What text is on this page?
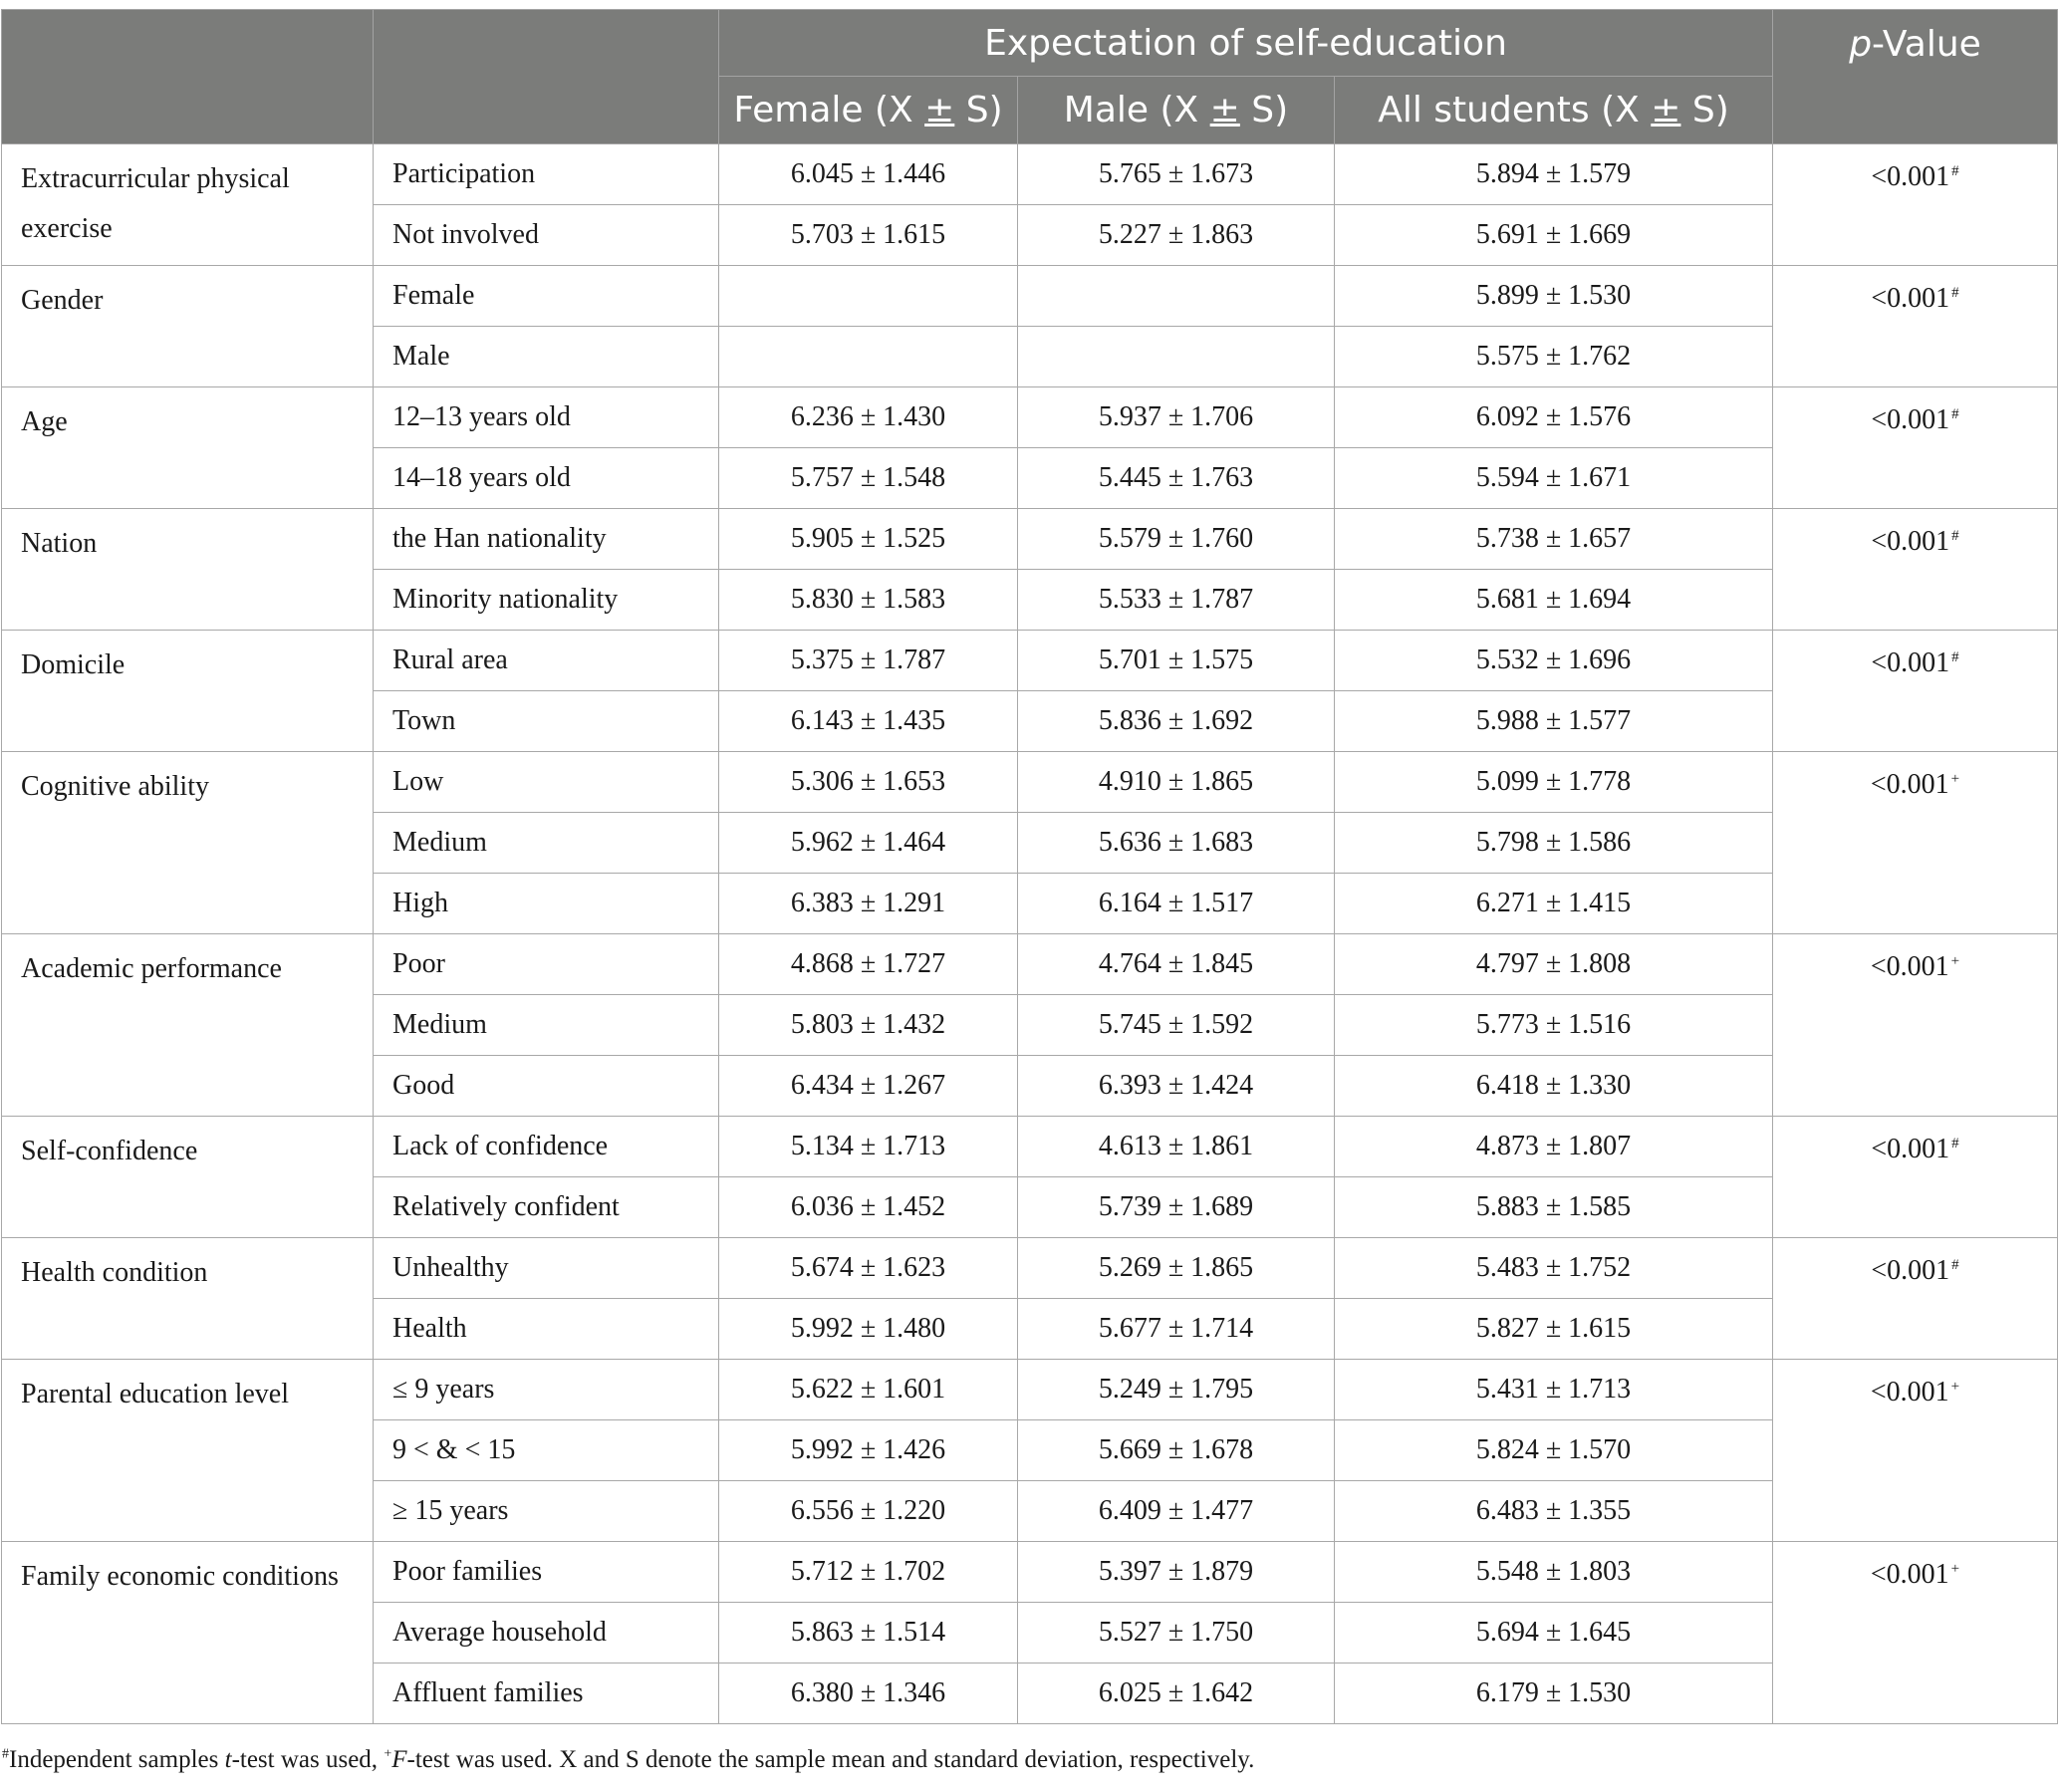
		Expectation of self-education			p-Value
		Female (X ± S)	Male (X ± S)	All students (X ± S)	
Extracurricular physical exercise	Participation	6.045 ± 1.446	5.765 ± 1.673	5.894 ± 1.579	<0.001 #
	Not involved	5.703 ± 1.615	5.227 ± 1.863	5.691 ± 1.669	
Gender	Female			5.899 ± 1.530	<0.001 #
	Male			5.575 ± 1.762	
Age	12–13 years old	6.236 ± 1.430	5.937 ± 1.706	6.092 ± 1.576	<0.001 #
	14–18 years old	5.757 ± 1.548	5.445 ± 1.763	5.594 ± 1.671	
Nation	the Han nationality	5.905 ± 1.525	5.579 ± 1.760	5.738 ± 1.657	<0.001 #
	Minority nationality	5.830 ± 1.583	5.533 ± 1.787	5.681 ± 1.694	
Domicile	Rural area	5.375 ± 1.787	5.701 ± 1.575	5.532 ± 1.696	<0.001 #
	Town	6.143 ± 1.435	5.836 ± 1.692	5.988 ± 1.577	
Cognitive ability	Low	5.306 ± 1.653	4.910 ± 1.865	5.099 ± 1.778	<0.001 +
	Medium	5.962 ± 1.464	5.636 ± 1.683	5.798 ± 1.586	
	High	6.383 ± 1.291	6.164 ± 1.517	6.271 ± 1.415	
Academic performance	Poor	4.868 ± 1.727	4.764 ± 1.845	4.797 ± 1.808	<0.001 +
	Medium	5.803 ± 1.432	5.745 ± 1.592	5.773 ± 1.516	
	Good	6.434 ± 1.267	6.393 ± 1.424	6.418 ± 1.330	
Self-confidence	Lack of confidence	5.134 ± 1.713	4.613 ± 1.861	4.873 ± 1.807	<0.001 #
	Relatively confident	6.036 ± 1.452	5.739 ± 1.689	5.883 ± 1.585	
Health condition	Unhealthy	5.674 ± 1.623	5.269 ± 1.865	5.483 ± 1.752	<0.001 #
	Health	5.992 ± 1.480	5.677 ± 1.714	5.827 ± 1.615	
Parental education level	≤ 9 years	5.622 ± 1.601	5.249 ± 1.795	5.431 ± 1.713	<0.001 +
	9 < & < 15	5.992 ± 1.426	5.669 ± 1.678	5.824 ± 1.570	
	≥ 15 years	6.556 ± 1.220	6.409 ± 1.477	6.483 ± 1.355	
Family economic conditions	Poor families	5.712 ± 1.702	5.397 ± 1.879	5.548 ± 1.803	<0.001 +
	Average household	5.863 ± 1.514	5.527 ± 1.750	5.694 ± 1.645	
	Affluent families	6.380 ± 1.346	6.025 ± 1.642	6.179 ± 1.530	
#Independent samples t-test was used, +F-test was used. X and S denote the sample mean and standard deviation, respectively.
